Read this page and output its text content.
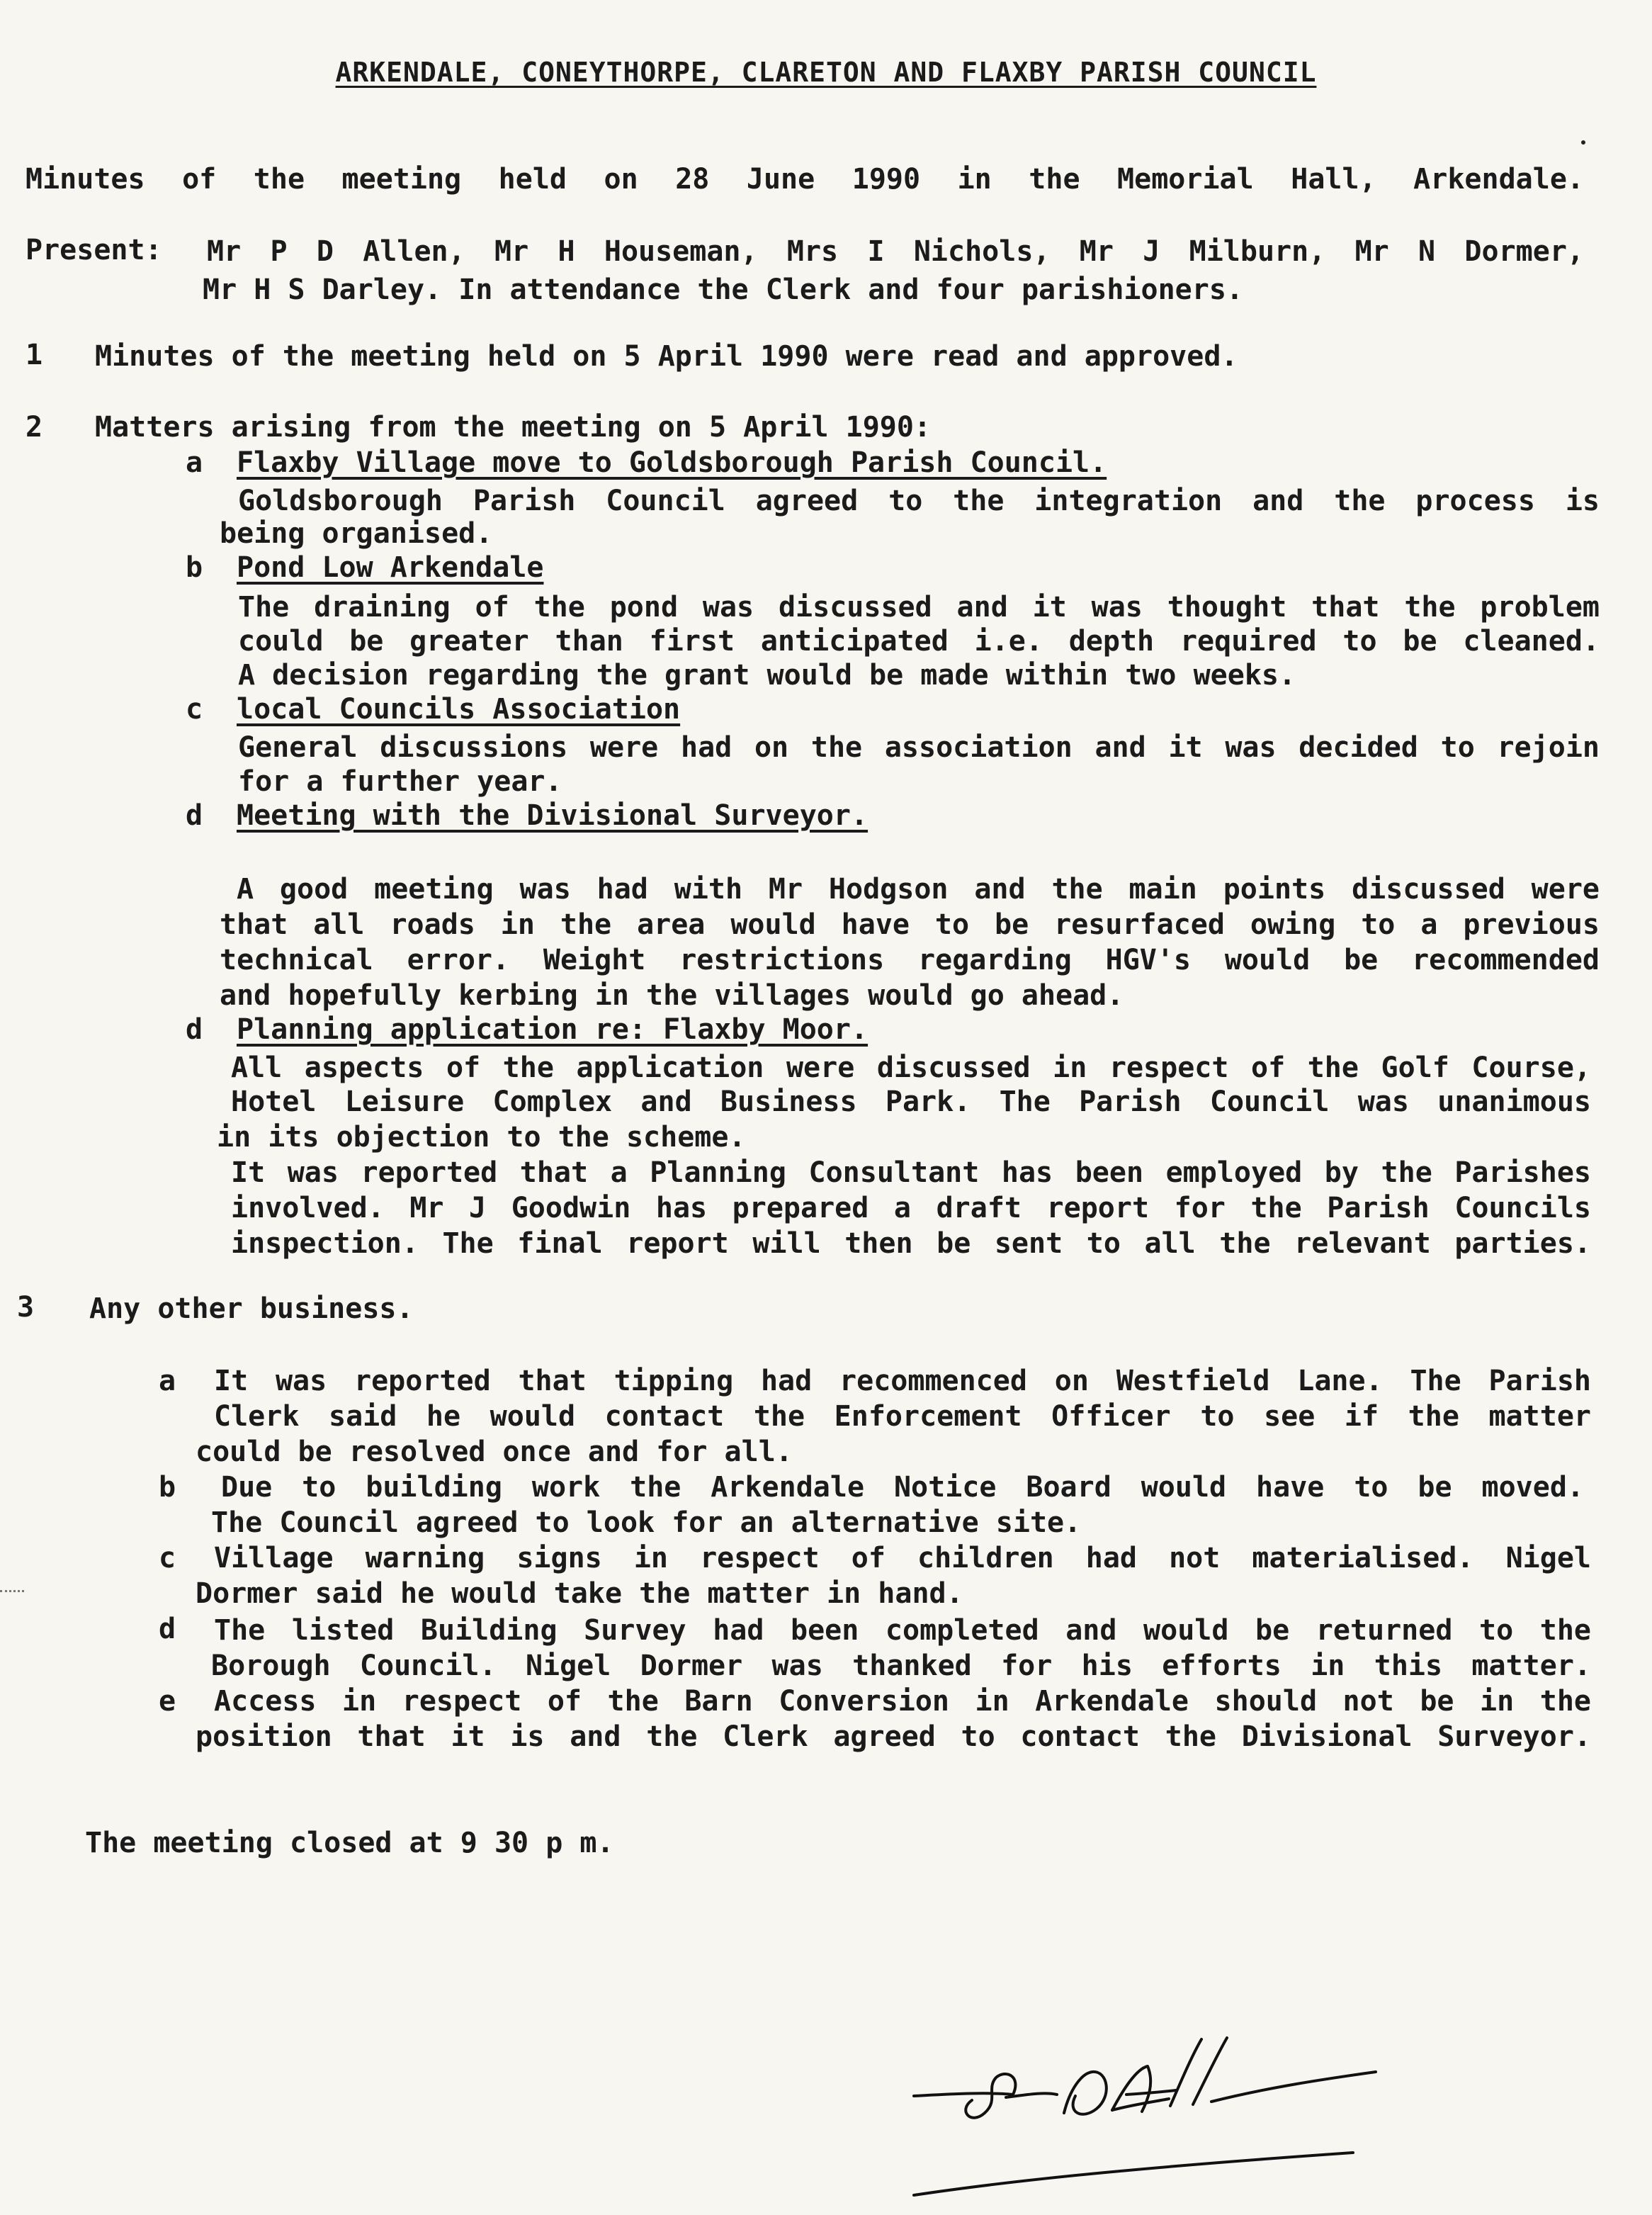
ARKENDALE, CONEYTHORPE, CLARETON AND FLAXBY PARISH COUNCIL
Minutes of the meeting held on 28 June 1990 in the Memorial Hall, Arkendale.
Present: Mr P D Allen, Mr H Houseman, Mrs I Nichols, Mr J Milburn, Mr N Dormer,
Mr H S Darley. In attendance the Clerk and four parishioners.
1 Minutes of the meeting held on 5 April 1990 were read and approved.
2 Matters arising from the meeting on 5 April 1990:
a Flaxby Village move to Goldsborough Parish Council.
Goldsborough Parish Council agreed to the integration and the process is
being organised.
b Pond Low Arkendale
The draining of the pond was discussed and it was thought that the problem
could be greater than first anticipated i.e. depth required to be cleaned.
A decision regarding the grant would be made within two weeks.
c local Councils Association
General discussions were had on the association and it was decided to rejoin
for a further year.
d Meeting with the Divisional Surveyor.
A good meeting was had with Mr Hodgson and the main points discussed were
that all roads in the area would have to be resurfaced owing to a previous
technical error. Weight restrictions regarding HGV's would be recommended
and hopefully kerbing in the villages would go ahead.
d Planning application re: Flaxby Moor.
All aspects of the application were discussed in respect of the Golf Course,
Hotel Leisure Complex and Business Park. The Parish Council was unanimous
in its objection to the scheme.
It was reported that a Planning Consultant has been employed by the Parishes
involved. Mr J Goodwin has prepared a draft report for the Parish Councils
inspection. The final report will then be sent to all the relevant parties.
3 Any other business.
a It was reported that tipping had recommenced on Westfield Lane. The Parish
Clerk said he would contact the Enforcement Officer to see if the matter
could be resolved once and for all.
b Due to building work the Arkendale Notice Board would have to be moved.
The Council agreed to look for an alternative site.
c Village warning signs in respect of children had not materialised. Nigel
Dormer said he would take the matter in hand.
d The listed Building Survey had been completed and would be returned to the
Borough Council. Nigel Dormer was thanked for his efforts in this matter.
e Access in respect of the Barn Conversion in Arkendale should not be in the
position that it is and the Clerk agreed to contact the Divisional Surveyor.
The meeting closed at 9 30 p m.
